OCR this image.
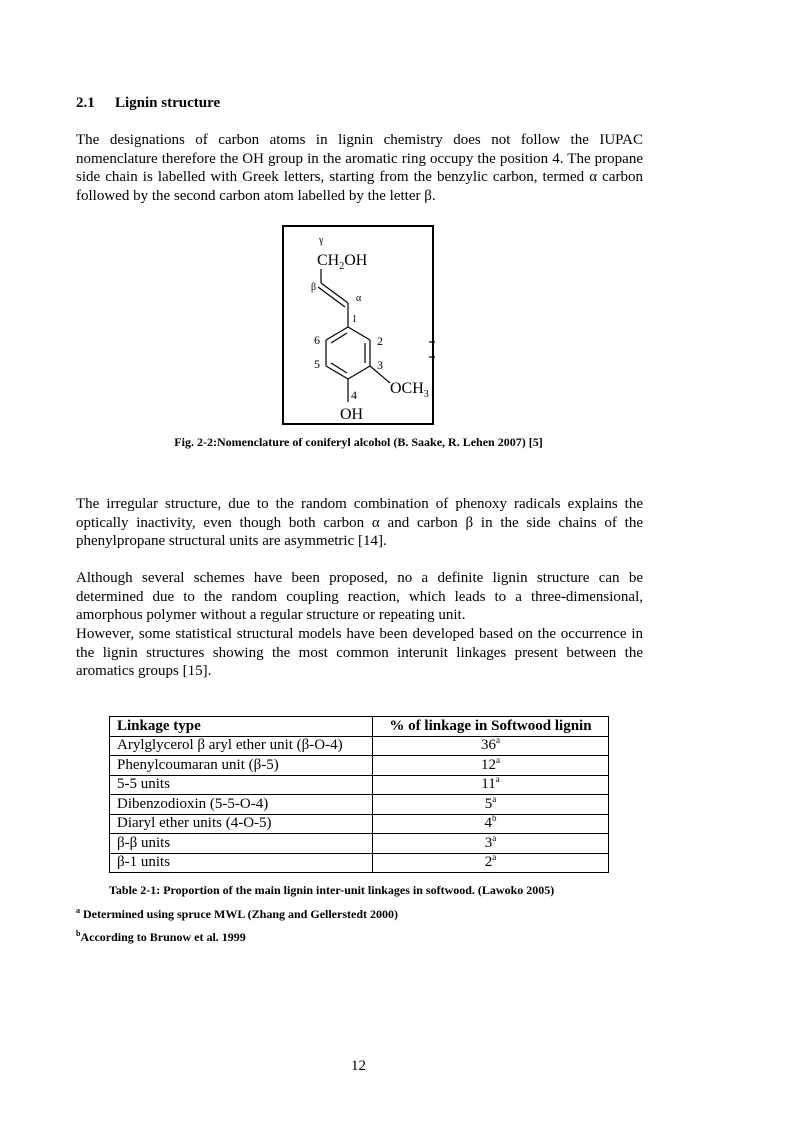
2.1 Lignin structure

The designations of carbon atoms in lignin chemistry does not follow the IUPAC nomenclature therefore the OH group in the aromatic ring occupy the position 4. The propane side chain is labelled with Greek letters, starting from the benzylic carbon, termed α carbon followed by the second carbon atom labelled by the letter β.

γ
$CH_2OH$
β
α
1
2
3
4
5
6
$OCH_3$
OH

Fig. 2-2:Nomenclature of coniferyl alcohol (B. Saake, R. Lehen 2007) [5]

The irregular structure, due to the random combination of phenoxy radicals explains the optically inactivity, even though both carbon α and carbon β in the side chains of the phenylpropane structural units are asymmetric [14].

Although several schemes have been proposed, no a definite lignin structure can be determined due to the random coupling reaction, which leads to a three-dimensional, amorphous polymer without a regular structure or repeating unit.

However, some statistical structural models have been developed based on the occurrence in the lignin structures showing the most common interunit linkages present between the aromatics groups [15].

Linkage type	% of linkage in Softwood lignin
Arylglycerol β aryl ether unit (β-O-4)	36$^a$
Phenylcoumaran unit (β-5)	12$^a$
5-5 units	11$^a$
Dibenzodioxin (5-5-O-4)	5$^a$
Diaryl ether units (4-O-5)	4$^b$
β-β units	3$^a$
β-1 units	2$^a$

Table 2-1: Proportion of the main lignin inter-unit linkages in softwood. (Lawoko 2005)

$^a$ Determined using spruce MWL (Zhang and Gellerstedt 2000)

$^b$According to Brunow et al. 1999

12
